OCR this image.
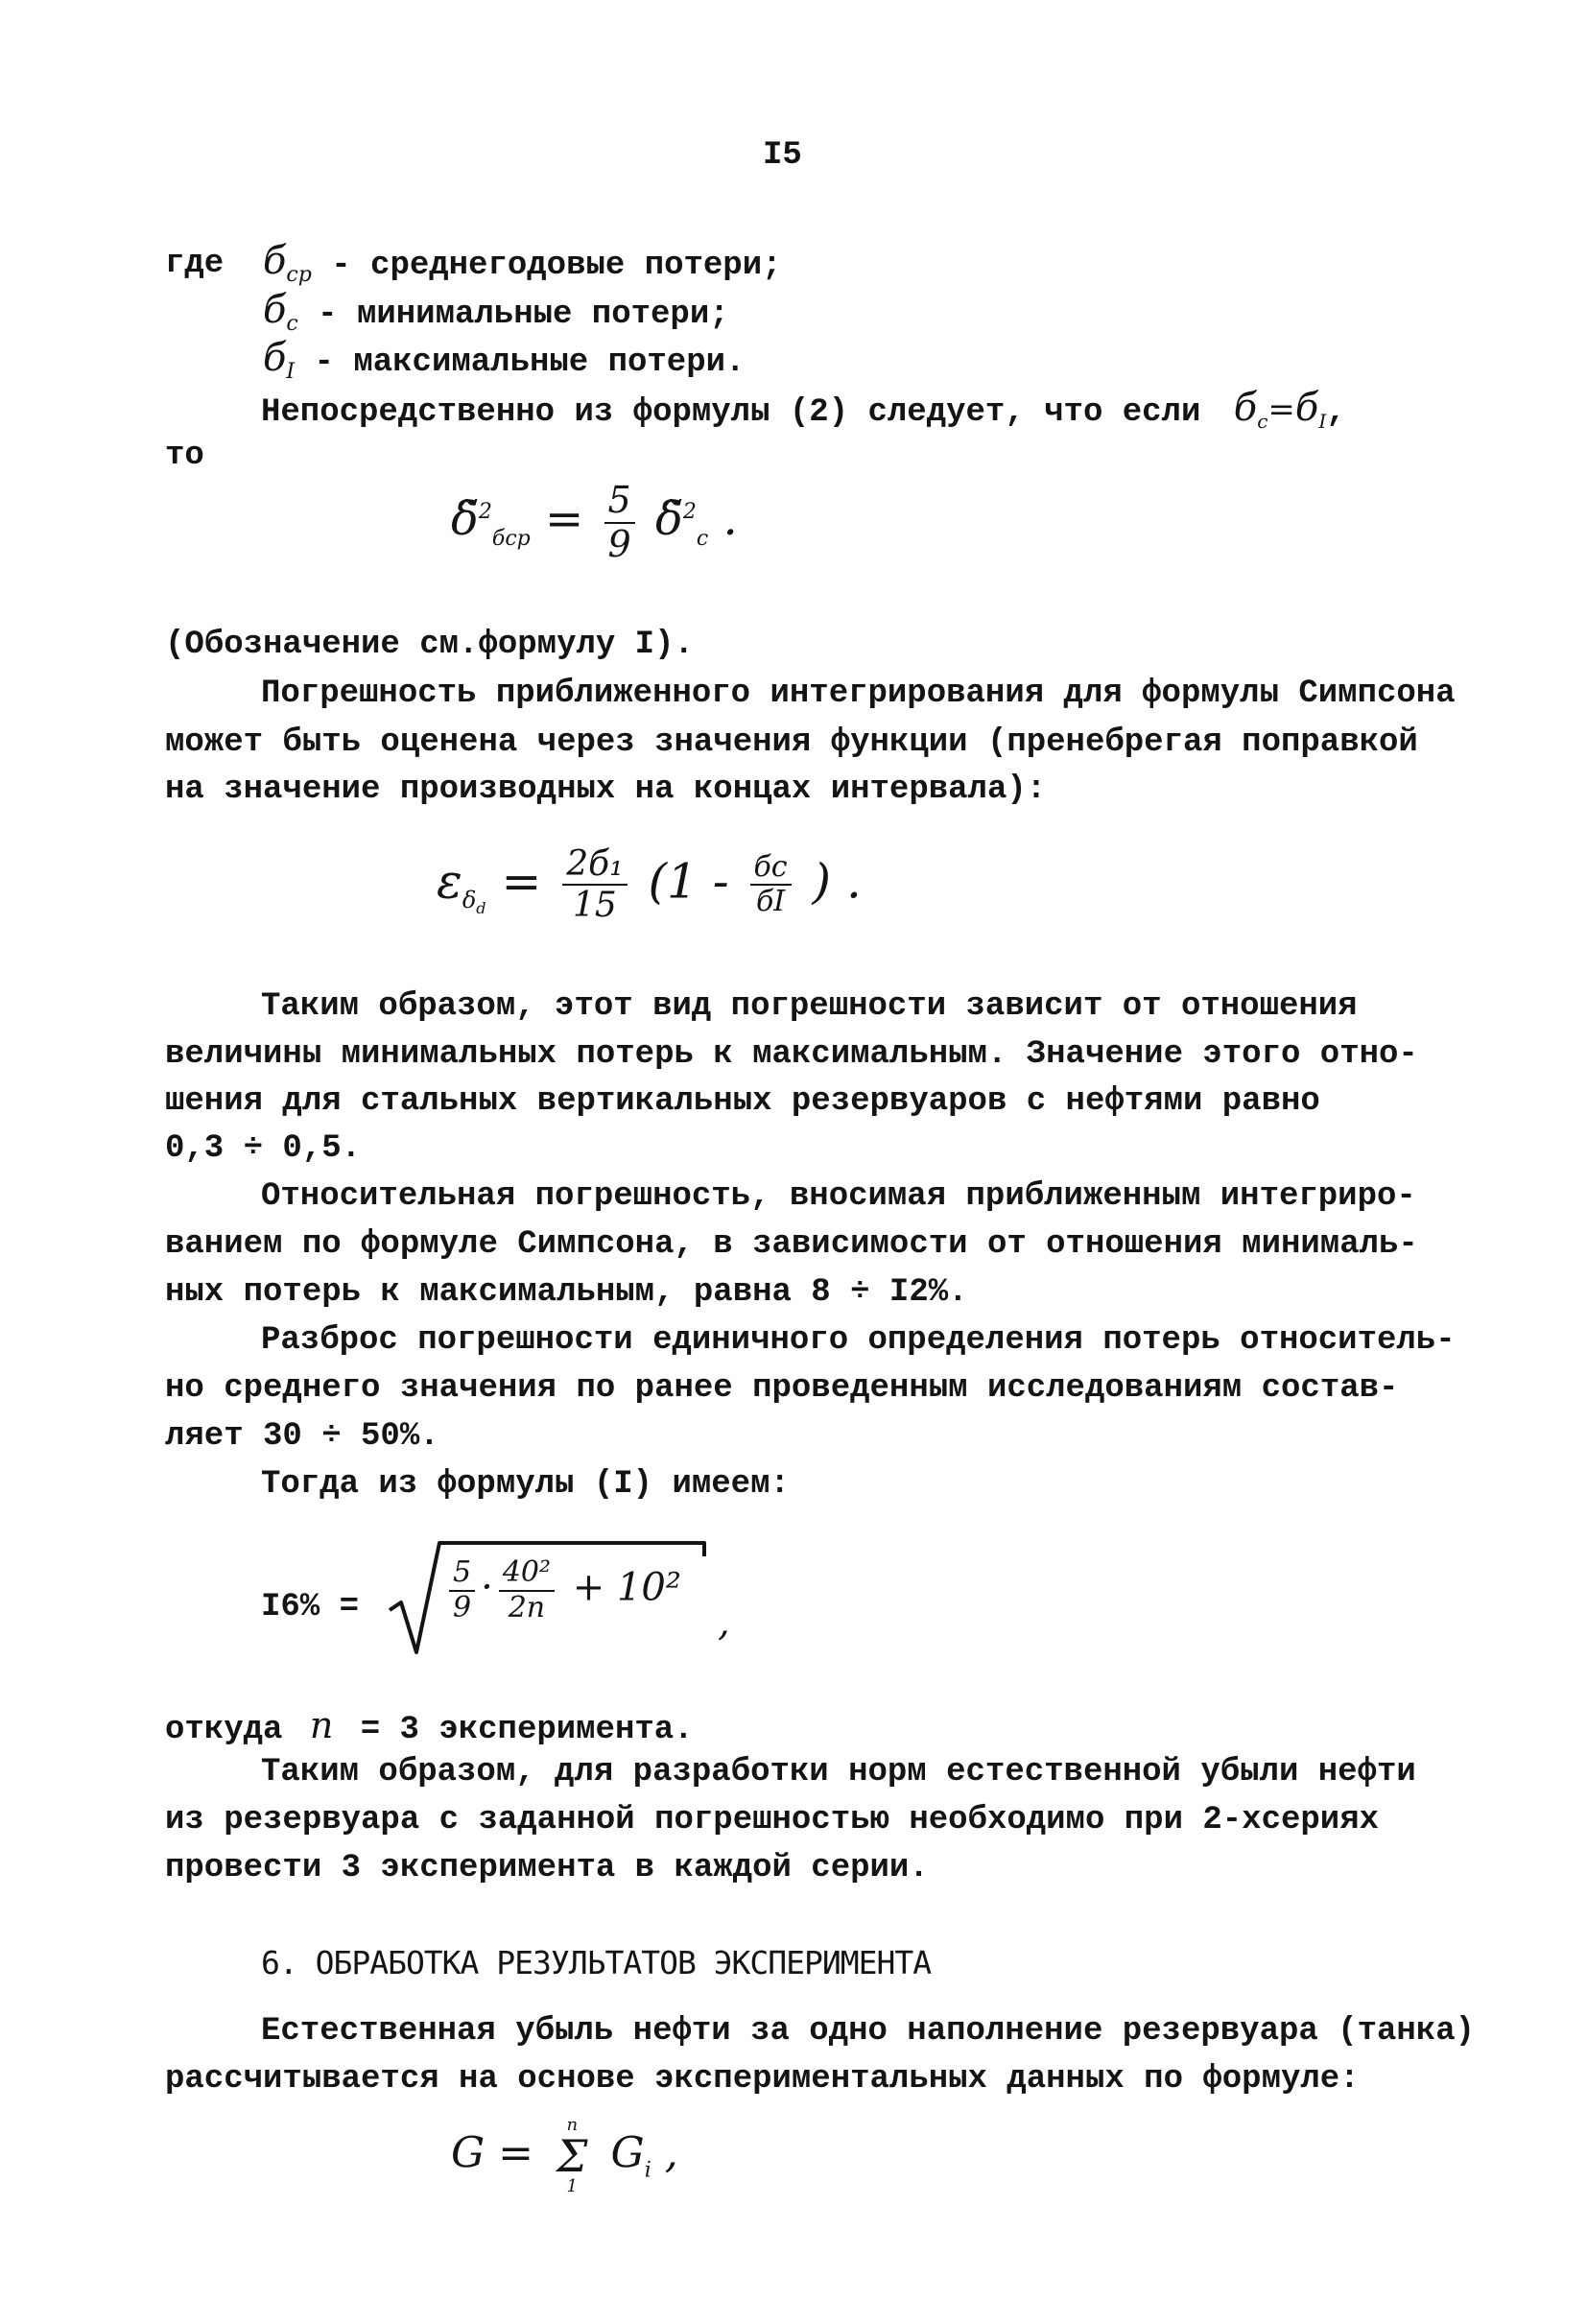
I5
где $б_{ср}$ - среднегодовые потери;
$б_с$ - минимальные потери;
$б_I$ - максимальные потери.
Непосредственно из формулы (2) следует, что если $б_с=б_I$,
то
δ̃$^2_{бср}$ = $\frac{5}{9}$ δ̃$^2_с$ .
(Обозначение см.формулу I).
Погрешность приближенного интегрирования для формулы Симпсона
может быть оценена через значения функции (пренебрегая поправкой
на значение производных на концах интервала):
$\varepsilon_{\delta_d} = \frac{\text{2б₁}}{15} (1 - \frac{бс}{бI}$ ) .
Таким образом, этот вид погрешности зависит от отношения
величины минимальных потерь к максимальным. Значение этого отно-
шения для стальных вертикальных резервуаров с нефтями равно
0,3 ÷ 0,5.
Относительная погрешность, вносимая приближенным интегриро-
ванием по формуле Симпсона, в зависимости от отношения минималь-
ных потерь к максимальным, равна 8 ÷ I2%.
Разброс погрешности единичного определения потерь относитель-
но среднего значения по ранее проведенным исследованиям состав-
ляет 30 ÷ 50%.
Тогда из формулы (I) имеем:
I6% =	$\frac{5}{9} \cdot \frac{\text{40²}}{2n} + 10^2$
,
откуда n = 3 эксперимента.
Таким образом, для разработки норм естественной убыли нефти
из резервуара с заданной погрешностью необходимо при 2-хсериях
провести 3 эксперимента в каждой серии.
6. ОБРАБОТКА РЕЗУЛЬТАТОВ ЭКСПЕРИМЕНТА
Естественная убыль нефти за одно наполнение резервуара (танка)
рассчитывается на основе экспериментальных данных по формуле:
G =
n
Σ
1
$G_i$ ,
